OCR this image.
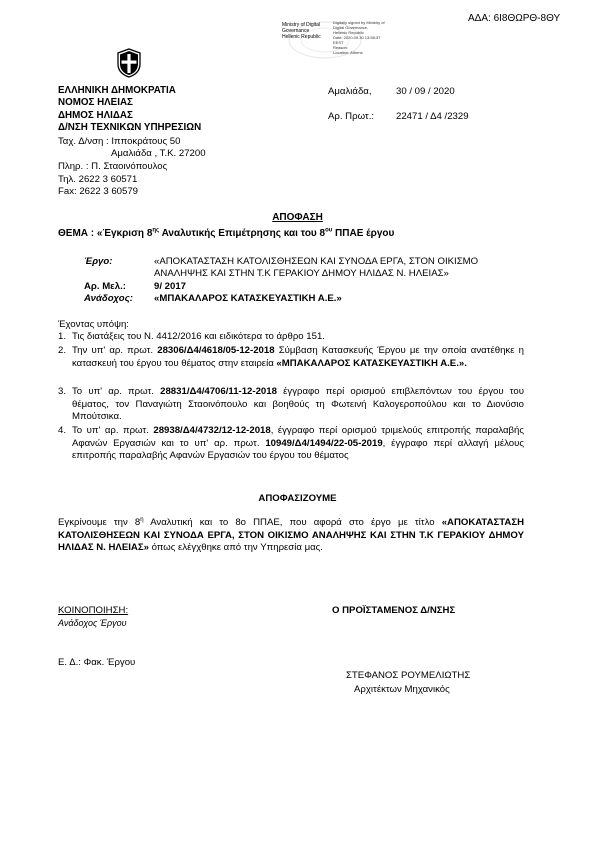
ΑΔΑ: 6Ι8ΘΩΡΘ-8ΘΥ
Ministry of Digital
Governance
Hellenic Republic
Digitally signed by Ministry of
Digital Governance,
Hellenic Republic
Date: 2020.09.30 13:58:37
EEST
Reason:
Location: Athens
ΕΛΛΗΝΙΚΗ ΔΗΜΟΚΡΑΤΙΑ
ΝΟΜΟΣ ΗΛΕΙΑΣ
ΔΗΜΟΣ ΗΛΙΔΑΣ
Δ/ΝΣΗ ΤΕΧΝΙΚΩΝ ΥΠΗΡΕΣΙΩΝ
Ταχ. Δ/νση : Ιπποκράτους 50
Αμαλιάδα , Τ.Κ. 27200
Πληρ. : Π. Σταοινόπουλος
Τηλ. 2622 3 60571
Fax: 2622 3 60579
Αμαλιάδα,	30 / 09 / 2020
Αρ. Πρωτ.: 22471 / Δ4 /2329
ΑΠΟΦΑΣΗ
ΘΕΜΑ : «Έγκριση $8^{\eta\varsigma}$ Αναλυτικής Επιμέτρησης και του $8^{o\upsilon}$ ΠΠΑΕ έργου
Έργο:	«ΑΠΟΚΑΤΑΣΤΑΣΗ ΚΑΤΟΛΙΣΘΗΣΕΩΝ ΚΑΙ ΣΥΝΟΔΑ ΕΡΓΑ, ΣΤΟΝ ΟΙΚΙΣΜΟ
ΑΝΑΛΗΨΗΣ ΚΑΙ ΣΤΗΝ Τ.Κ ΓΕΡΑΚΙΟΥ ΔΗΜΟΥ ΗΛΙΔΑΣ Ν. ΗΛΕΙΑΣ»
Αρ. Μελ.:	9/ 2017
Ανάδοχος: «ΜΠΑΚΑΛΑΡΟΣ ΚΑΤΑΣΚΕΥΑΣΤΙΚΗ Α.Ε.»
Έχοντας υπόψη:
1. Τις διατάξεις του Ν. 4412/2016 και ειδικότερα το άρθρο 151.
2. Την υπ' αρ. πρωτ. 28306/Δ4/4618/05-12-2018 Σύμβαση Κατασκευής Έργου με την οποία ανατέθηκε η κατασκευή του έργου του θέματος στην εταιρεία «ΜΠΑΚΑΛΑΡΟΣ ΚΑΤΑΣΚΕΥΑΣΤΙΚΗ Α.Ε.».
3. Το υπ' αρ. πρωτ. 28831/Δ4/4706/11-12-2018 έγγραφο περί ορισμού επιβλεπόντων του έργου του θέματος, τον Παναγιώτη Σταοινόπουλο και βοηθούς τη Φωτεινή Καλογεροπούλου και το Διονύσιο Μπούτσικα.
4. Το υπ' αρ. πρωτ. 28938/Δ4/4732/12-12-2018, έγγραφο περί ορισμού τριμελούς επιτροπής παραλαβής Αφανών Εργασιών και το υπ' αρ. πρωτ. 10949/Δ4/1494/22-05-2019, έγγραφο περί αλλαγή μέλους επιτροπής παραλαβής Αφανών Εργασιών του έργου του θέματος
ΑΠΟΦΑΣΙΖΟΥΜΕ
Εγκρίνουμε την $8^\eta$ Αναλυτική και το 8ο ΠΠΑΕ, που αφορά στο έργο με τίτλο «ΑΠΟΚΑΤΑΣΤΑΣΗ ΚΑΤΟΛΙΣΘΗΣΕΩΝ ΚΑΙ ΣΥΝΟΔΑ ΕΡΓΑ, ΣΤΟΝ ΟΙΚΙΣΜΟ ΑΝΑΛΗΨΗΣ ΚΑΙ ΣΤΗΝ Τ.Κ ΓΕΡΑΚΙΟΥ ΔΗΜΟΥ ΗΛΙΔΑΣ Ν. ΗΛΕΙΑΣ» όπως ελέγχθηκε από την Υπηρεσία μας.
ΚΟΙΝΟΠΟΙΗΣΗ:
Ανάδοχος Έργου
Ε. Δ.: Φακ. Έργου
Ο ΠΡΟΪΣΤΑΜΕΝΟΣ Δ/ΝΣΗΣ
ΣΤΕΦΑΝΟΣ ΡΟΥΜΕΛΙΩΤΗΣ
Αρχιτέκτων Μηχανικός
